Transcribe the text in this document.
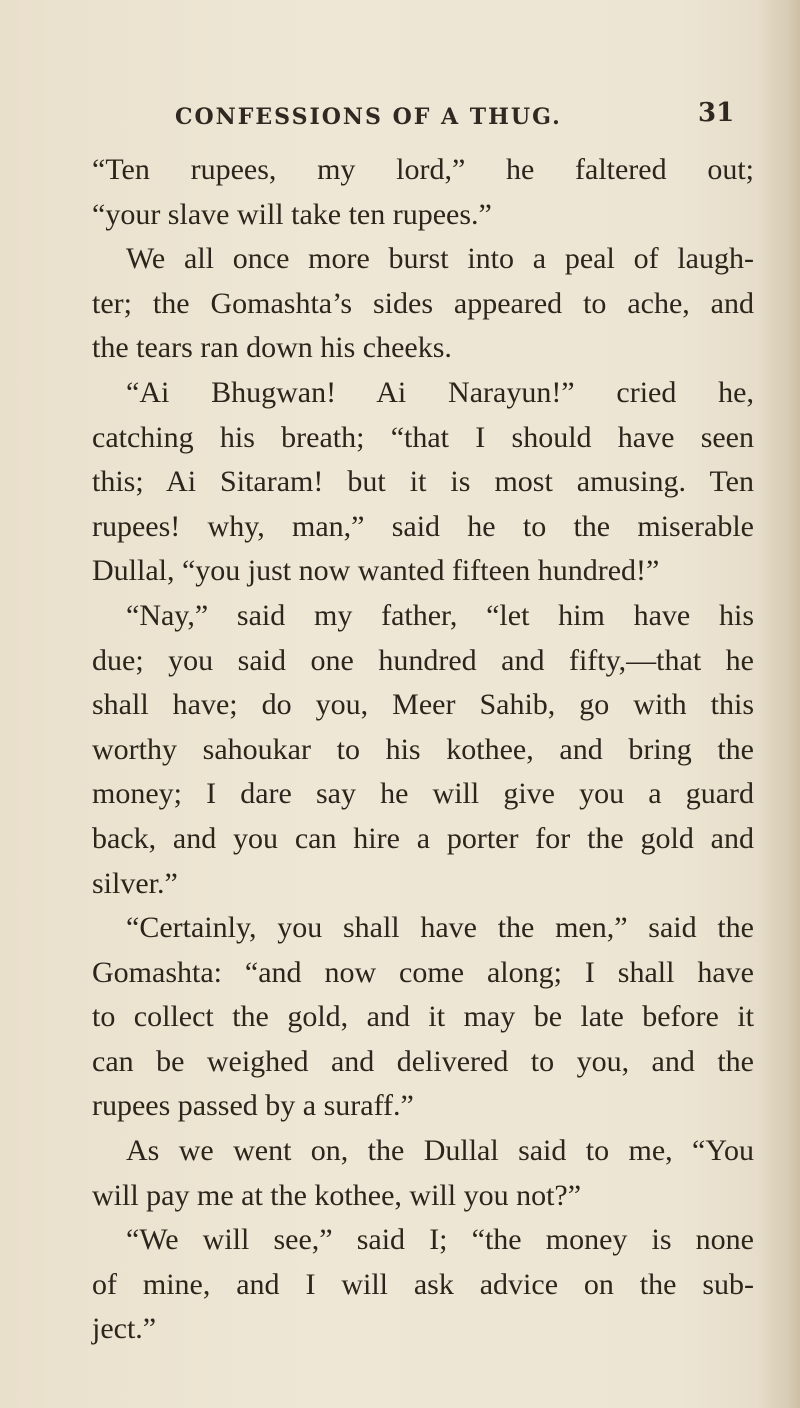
CONFESSIONS OF A THUG.	31
“Ten rupees, my lord,” he faltered out;
“your slave will take ten rupees.”
We all once more burst into a peal of laugh-
ter; the Gomashta’s sides appeared to ache, and
the tears ran down his cheeks.
“Ai Bhugwan! Ai Narayun!” cried he,
catching his breath; “that I should have seen
this; Ai Sitaram! but it is most amusing. Ten
rupees! why, man,” said he to the miserable
Dullal, “you just now wanted fifteen hundred!”
“Nay,” said my father, “let him have his
due; you said one hundred and fifty,—that he
shall have; do you, Meer Sahib, go with this
worthy sahoukar to his kothee, and bring the
money; I dare say he will give you a guard
back, and you can hire a porter for the gold and
silver.”
“Certainly, you shall have the men,” said the
Gomashta: “and now come along; I shall have
to collect the gold, and it may be late before it
can be weighed and delivered to you, and the
rupees passed by a suraff.”
As we went on, the Dullal said to me, “You
will pay me at the kothee, will you not?”
“We will see,” said I; “the money is none
of mine, and I will ask advice on the sub-
ject.”
